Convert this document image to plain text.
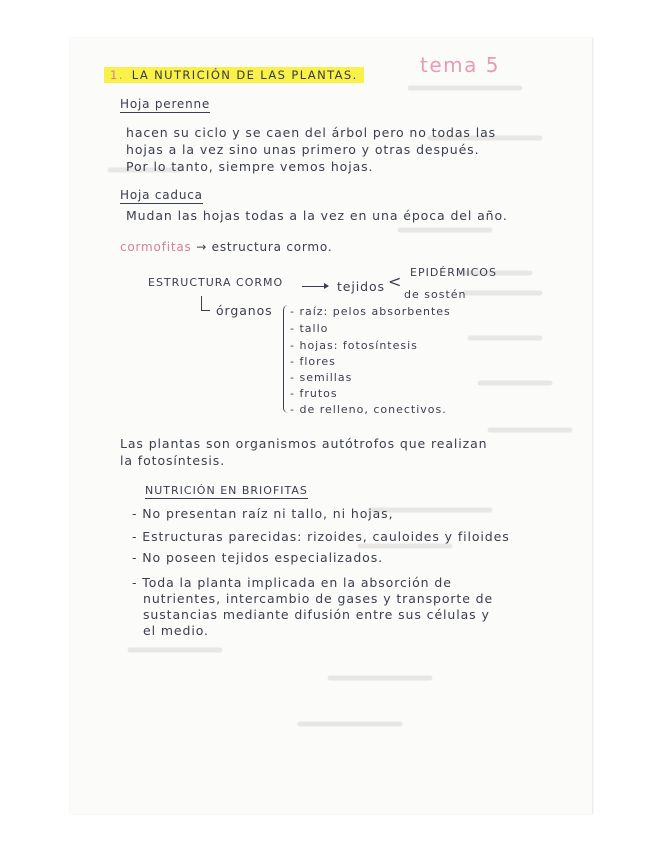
tema 5
1. LA NUTRICIÓN DE LAS PLANTAS.
Hoja perenne
hacen su ciclo y se caen del árbol pero no todas las
hojas a la vez sino unas primero y otras después.
Por lo tanto, siempre vemos hojas.
Hoja caduca
Mudan las hojas todas a la vez en una época del año.
cormofitas → estructura cormo.
ESTRUCTURA CORMO	tejidos < EPIDÉRMICOS
de sostén
órganos - raíz: pelos absorbentes
- tallo
- hojas: fotosíntesis
- flores
- semillas
- frutos
- de relleno, conectivos.
Las plantas son organismos autótrofos que realizan
la fotosíntesis.
NUTRICIÓN EN BRIOFITAS
- No presentan raíz ni tallo, ni hojas,
- Estructuras parecidas: rizoides, cauloides y filoides
- No poseen tejidos especializados.
- Toda la planta implicada en la absorción de
nutrientes, intercambio de gases y transporte de
sustancias mediante difusión entre sus células y
el medio.
